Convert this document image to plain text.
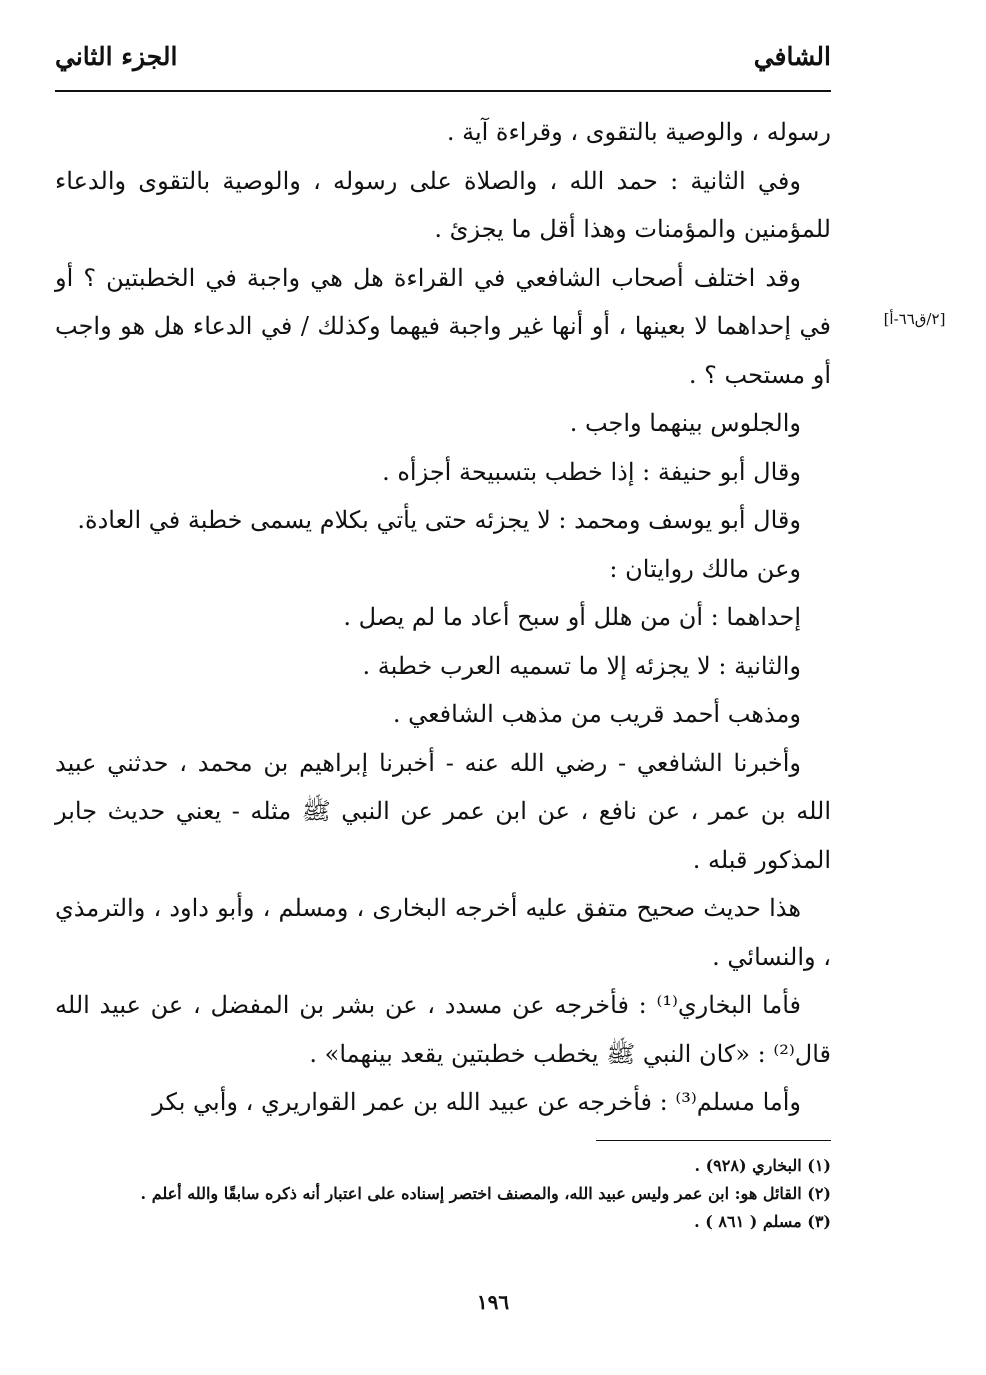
الشافي
الجزء الثاني
[٢/ق٦٦-أ]

رسوله ، والوصية بالتقوى ، وقراءة آية .

وفي الثانية : حمد الله ، والصلاة على رسوله ، والوصية بالتقوى والدعاء للمؤمنين والمؤمنات وهذا أقل ما يجزئ .

وقد اختلف أصحاب الشافعي في القراءة هل هي واجبة في الخطبتين ؟ أو في إحداهما لا بعينها ، أو أنها غير واجبة فيهما وكذلك / في الدعاء هل هو واجب أو مستحب ؟ .

والجلوس بينهما واجب .

وقال أبو حنيفة : إذا خطب بتسبيحة أجزأه .

وقال أبو يوسف ومحمد : لا يجزئه حتى يأتي بكلام يسمى خطبة في العادة.

وعن مالك روايتان :

إحداهما : أن من هلل أو سبح أعاد ما لم يصل .

والثانية : لا يجزئه إلا ما تسميه العرب خطبة .

ومذهب أحمد قريب من مذهب الشافعي .

وأخبرنا الشافعي - رضي الله عنه - أخبرنا إبراهيم بن محمد ، حدثني عبيد الله بن عمر ، عن نافع ، عن ابن عمر عن النبي ﷺ مثله - يعني حديث جابر المذكور قبله .

هذا حديث صحيح متفق عليه أخرجه البخارى ، ومسلم ، وأبو داود ، والترمذي ، والنسائي .

فأما البخاري⁽¹⁾ : فأخرجه عن مسدد ، عن بشر بن المفضل ، عن عبيد الله قال⁽²⁾ : «كان النبي ﷺ يخطب خطبتين يقعد بينهما» .

وأما مسلم⁽³⁾ : فأخرجه عن عبيد الله بن عمر القواريري ، وأبي بكر

(١) البخاري (٩٢٨) .
(٢) القائل هو: ابن عمر وليس عبيد الله، والمصنف اختصر إسناده على اعتبار أنه ذكره سابقًا والله أعلم .
(٣) مسلم ( ٨٦١ ) .
١٩٦
